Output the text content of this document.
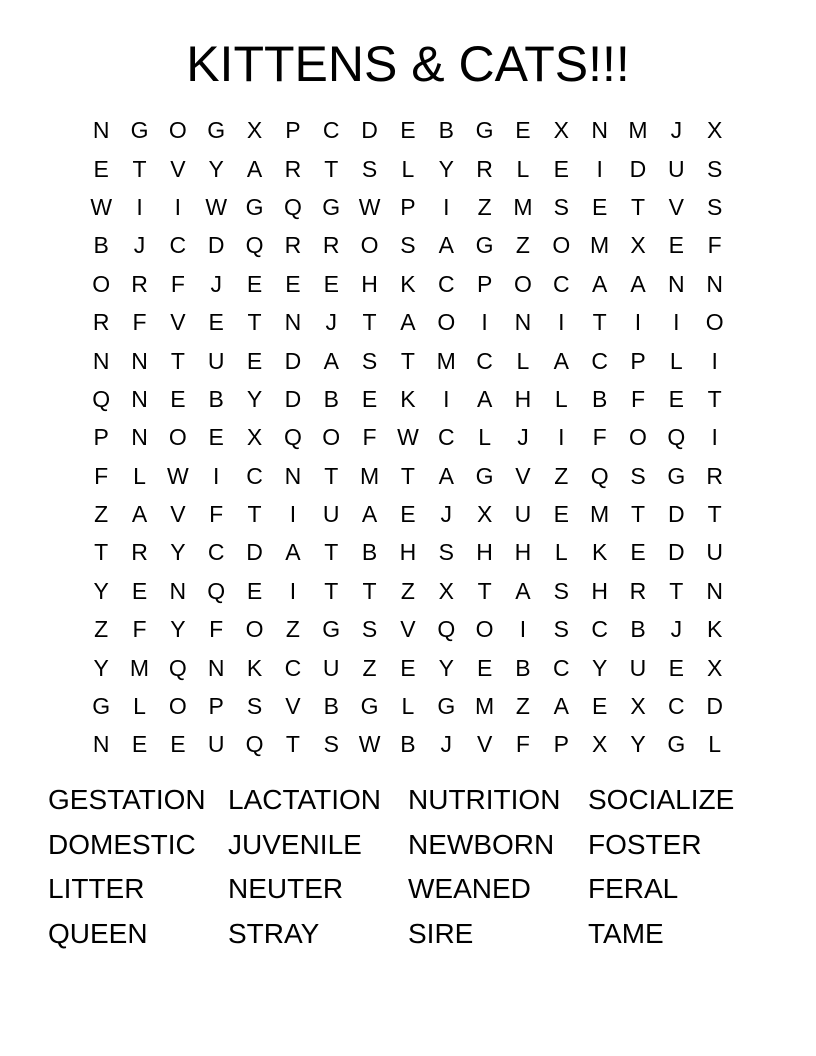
KITTENS & CATS!!!
N G O G X	P C D E	B G E	X N M	J	X
E	T	V	Y	A R	T	S	L	Y R	L	E	I	D U S
W	I	I	W G Q G W P	I	Z M S	E	T	V	S
B	J	C D Q R R O S	A G Z O M X	E	F
O R	F	J	E	E	E H K C P O C A	A N N
R	F	V	E	T	N	J	T	A O	I	N	I	T	I	I	O
N N	T	U E D A	S	T M C	L	A C P	L	I
Q N E	B	Y D B	E	K	I	A H	L	B	F	E	T
P N O E	X Q O F W C	L	J	I	F O Q	I
F	L W	I	C N	T M T	A G V	Z Q S G R
Z	A	V	F	T	I	U A	E	J	X U E M T	D	T
T	R Y C D A	T	B H S H H	L	K	E D U
Y	E N Q E	I	T	T	Z	X	T	A	S H R	T	N
Z	F	Y	F O Z G S	V Q O	I	S C B	J	K
Y M Q N K C U	Z	E	Y	E	B C Y U E	X
G	L	O P	S	V	B G	L	G M Z	A	E	X C D
N E	E U Q T	S W B	J	V	F	P	X	Y G	L
GESTATION LACTATION NUTRITION SOCIALIZE
DOMESTIC	JUVENILE	NEWBORN	FOSTER
LITTER	NEUTER	WEANED	FERAL
QUEEN	STRAY	SIRE	TAME
